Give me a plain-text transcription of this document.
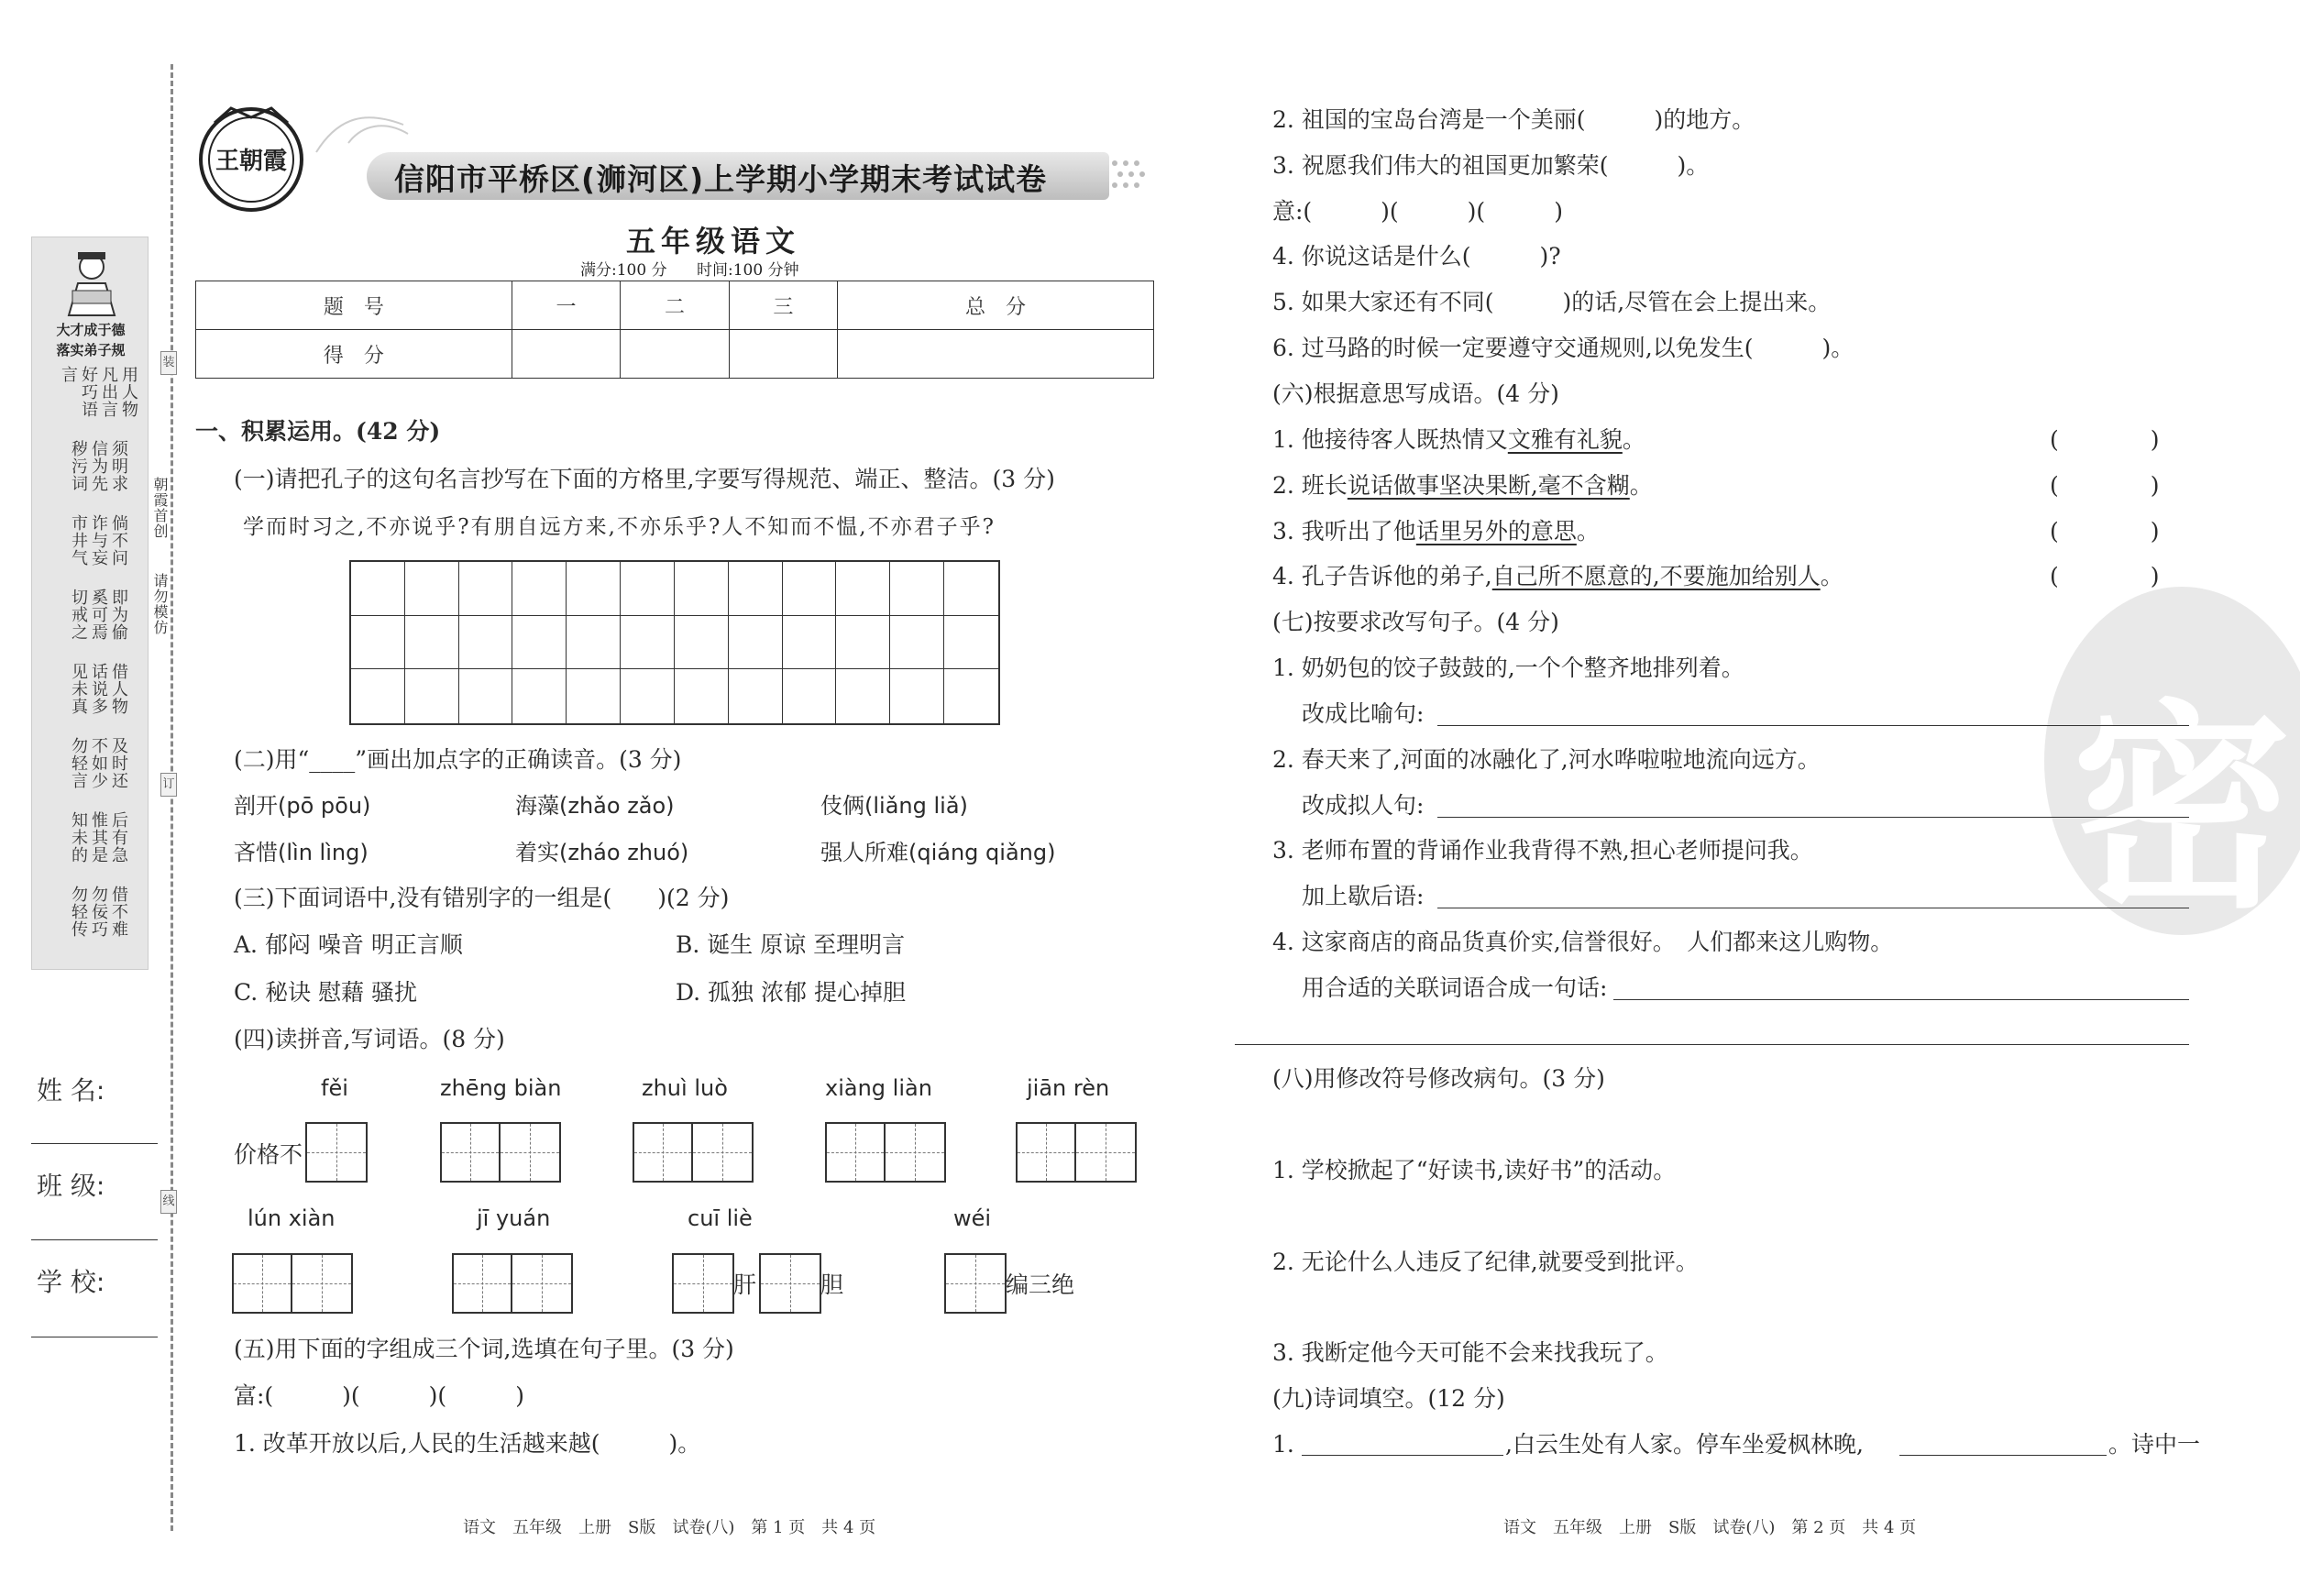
大才成于德
落实弟子规
好巧语言	凡出言 用人物
秽污词 信为先 须明求
市井气 诈与妄 倘不问
切戒之 奚可焉 即为偷
见未真 话说多 借人物
勿轻言 不如少 及时还
知未的 惟其是 后有急
勿轻传 勿佞巧 借不难
装
订
线
朝霞首创
请勿模仿
姓 名:
班 级:
学 校:
王朝霞	信阳市平桥区(浉河区)上学期小学期末考试试卷
五年级语文
满分:100 分      时间:100 分钟
题　号	一	二	三	总　分
得　分				
一、积累运用。(42 分)
(一)请把孔子的这句名言抄写在下面的方格里,字要写得规范、端正、整洁。(3 分)
学而时习之,不亦说乎?有朋自远方来,不亦乐乎?人不知而不愠,不亦君子乎?
(二)用“____”画出加点字的正确读音。(3 分)
剖开(pō pōu)	海藻(zhǎo zǎo)	伎俩(liǎng liǎ)
吝惜(lìn lìng)	着实(zháo zhuó)	强人所难(qiáng qiǎng)
(三)下面词语中,没有错别字的一组是(　　)(2 分)
A. 郁闷 噪音 明正言顺	B. 诞生 原谅 至理明言
C. 秘诀 慰藉 骚扰	D. 孤独 浓郁 提心掉胆
(四)读拼音,写词语。(8 分)
fěi	zhēng biàn	zhuì luò	xiàng liàn	jiān rèn
价格不
lún xiàn	jī yuán	cuī liè	wéi
肝	胆	编三绝
(五)用下面的字组成三个词,选填在句子里。(3 分)
富:(　　　)(　　　)(　　　)
1. 改革开放以后,人民的生活越来越(　　　)。
语文　五年级　上册　S版　试卷(八)　第 1 页　共 4 页
密
2. 祖国的宝岛台湾是一个美丽(　　　)的地方。
3. 祝愿我们伟大的祖国更加繁荣(　　　)。
意:(　　　)(　　　)(　　　)
4. 你说这话是什么(　　　)?
5. 如果大家还有不同(　　　)的话,尽管在会上提出来。
6. 过马路的时候一定要遵守交通规则,以免发生(　　　)。
(六)根据意思写成语。(4 分)
1. 他接待客人既热情又文雅有礼貌。	(　　　　)
2. 班长说话做事坚决果断,毫不含糊。	(　　　　)
3. 我听出了他话里另外的意思。	(　　　　)
4. 孔子告诉他的弟子,自己所不愿意的,不要施加给别人。	(　　　　)
(七)按要求改写句子。(4 分)
1. 奶奶包的饺子鼓鼓的,一个个整齐地排列着。
改成比喻句:
2. 春天来了,河面的冰融化了,河水哗啦啦地流向远方。
改成拟人句:
3. 老师布置的背诵作业我背得不熟,担心老师提问我。
加上歇后语:
4. 这家商店的商品货真价实,信誉很好。　人们都来这儿购物。
用合适的关联词语合成一句话:
(八)用修改符号修改病句。(3 分)
1. 学校掀起了“好读书,读好书”的活动。
2. 无论什么人违反了纪律,就要受到批评。
3. 我断定他今天可能不会来找我玩了。
(九)诗词填空。(12 分)
1.	,白云生处有人家。停车坐爱枫林晚,	。诗中一
语文　五年级　上册　S版　试卷(八)　第 2 页　共 4 页
